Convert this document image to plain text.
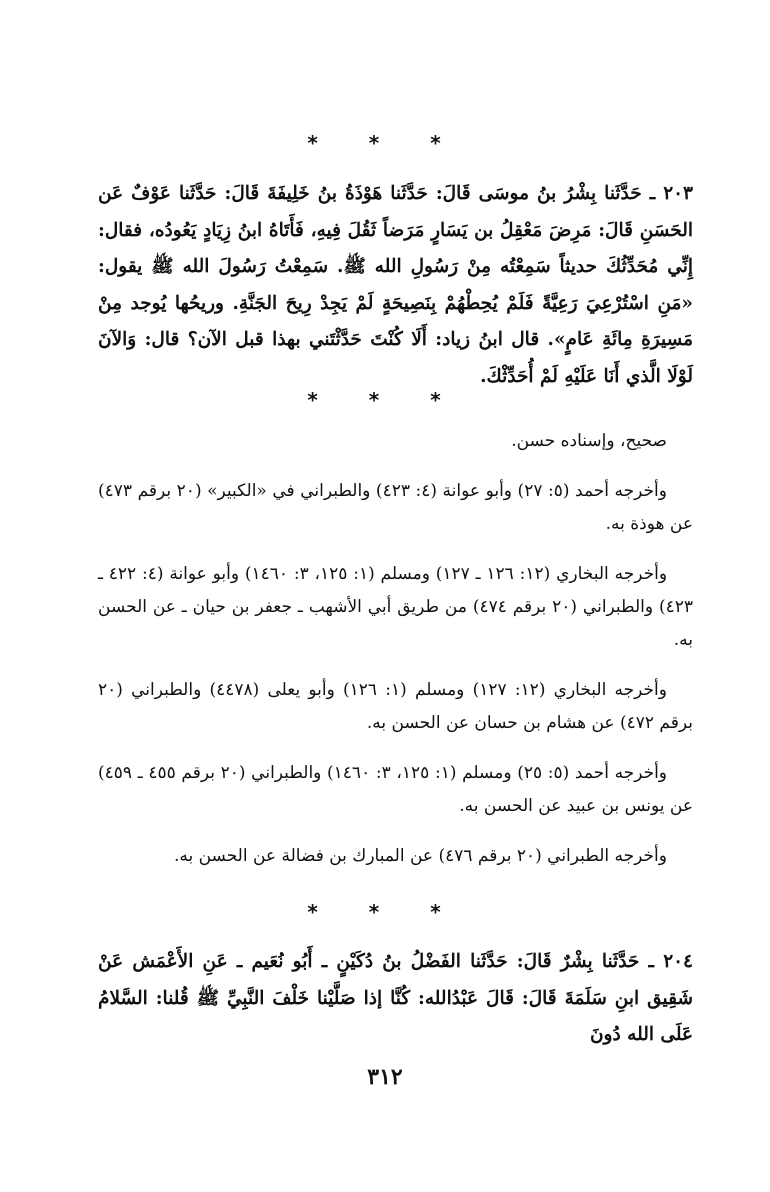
* * *
٢٠٣ ـ حَدَّثَنا بِشْرُ بنُ موسَى قَالَ: حَدَّثَنا هَوْذَةُ بنُ خَلِيفَةَ قَالَ: حَدَّثَنا عَوْفٌ عَن الحَسَنِ قَالَ: مَرِضَ مَعْقِلُ بن يَسَارٍ مَرَضاً ثَقُلَ فِيهِ، فَأَتَاهُ ابنُ زِيَادٍ يَعُودُه، فقال: إِنِّي مُحَدِّثُكَ حديثاً سَمِعْتُه مِنْ رَسُولِ الله ﷺ. سَمِعْتُ رَسُولَ الله ﷺ يقول: «مَنِ اسْتُرْعِيَ رَعِيَّةً فَلَمْ يُحِطْهُمْ بِنَصِيحَةٍ لَمْ يَجِدْ رِيحَ الجَنَّةِ. وريحُها يُوجد مِنْ مَسِيرَةِ مِائَةِ عَامٍ». قال ابنُ زياد: أَلَا كُنْتَ حَدَّثْتَني بهذا قبل الآن؟ قال: وَالآنَ لَوْلَا الَّذي أَنَا عَلَيْهِ لَمْ أُحَدِّثْكَ.
* * *
صحيح، وإسناده حسن.
وأخرجه أحمد (٥: ٢٧) وأبو عوانة (٤: ٤٢٣) والطبراني في «الكبير» (٢٠ برقم ٤٧٣) عن هوذة به.
وأخرجه البخاري (١٢: ١٢٦ ـ ١٢٧) ومسلم (١: ١٢٥، ٣: ١٤٦٠) وأبو عوانة (٤: ٤٢٢ ـ ٤٢٣) والطبراني (٢٠ برقم ٤٧٤) من طريق أبي الأشهب ـ جعفر بن حيان ـ عن الحسن به.
وأخرجه البخاري (١٢: ١٢٧) ومسلم (١: ١٢٦) وأبو يعلى (٤٤٧٨) والطبراني (٢٠ برقم ٤٧٢) عن هشام بن حسان عن الحسن به.
وأخرجه أحمد (٥: ٢٥) ومسلم (١: ١٢٥، ٣: ١٤٦٠) والطبراني (٢٠ برقم ٤٥٥ ـ ٤٥٩) عن يونس بن عبيد عن الحسن به.
وأخرجه الطبراني (٢٠ برقم ٤٧٦) عن المبارك بن فضالة عن الحسن به.
* * *
٢٠٤ ـ حَدَّثَنا بِشْرٌ قَالَ: حَدَّثَنا الفَضْلُ بنُ دُكَيْنٍ ـ أَبُو نُعَيم ـ عَنِ الأَعْمَش عَنْ شَقِيق ابنِ سَلَمَةَ قَالَ: قَالَ عَبْدُالله: كُنَّا إذا صَلَّيْنا خَلْفَ النَّبِيِّ ﷺ قُلنا: السَّلامُ عَلَى الله دُونَ
٣١٢
